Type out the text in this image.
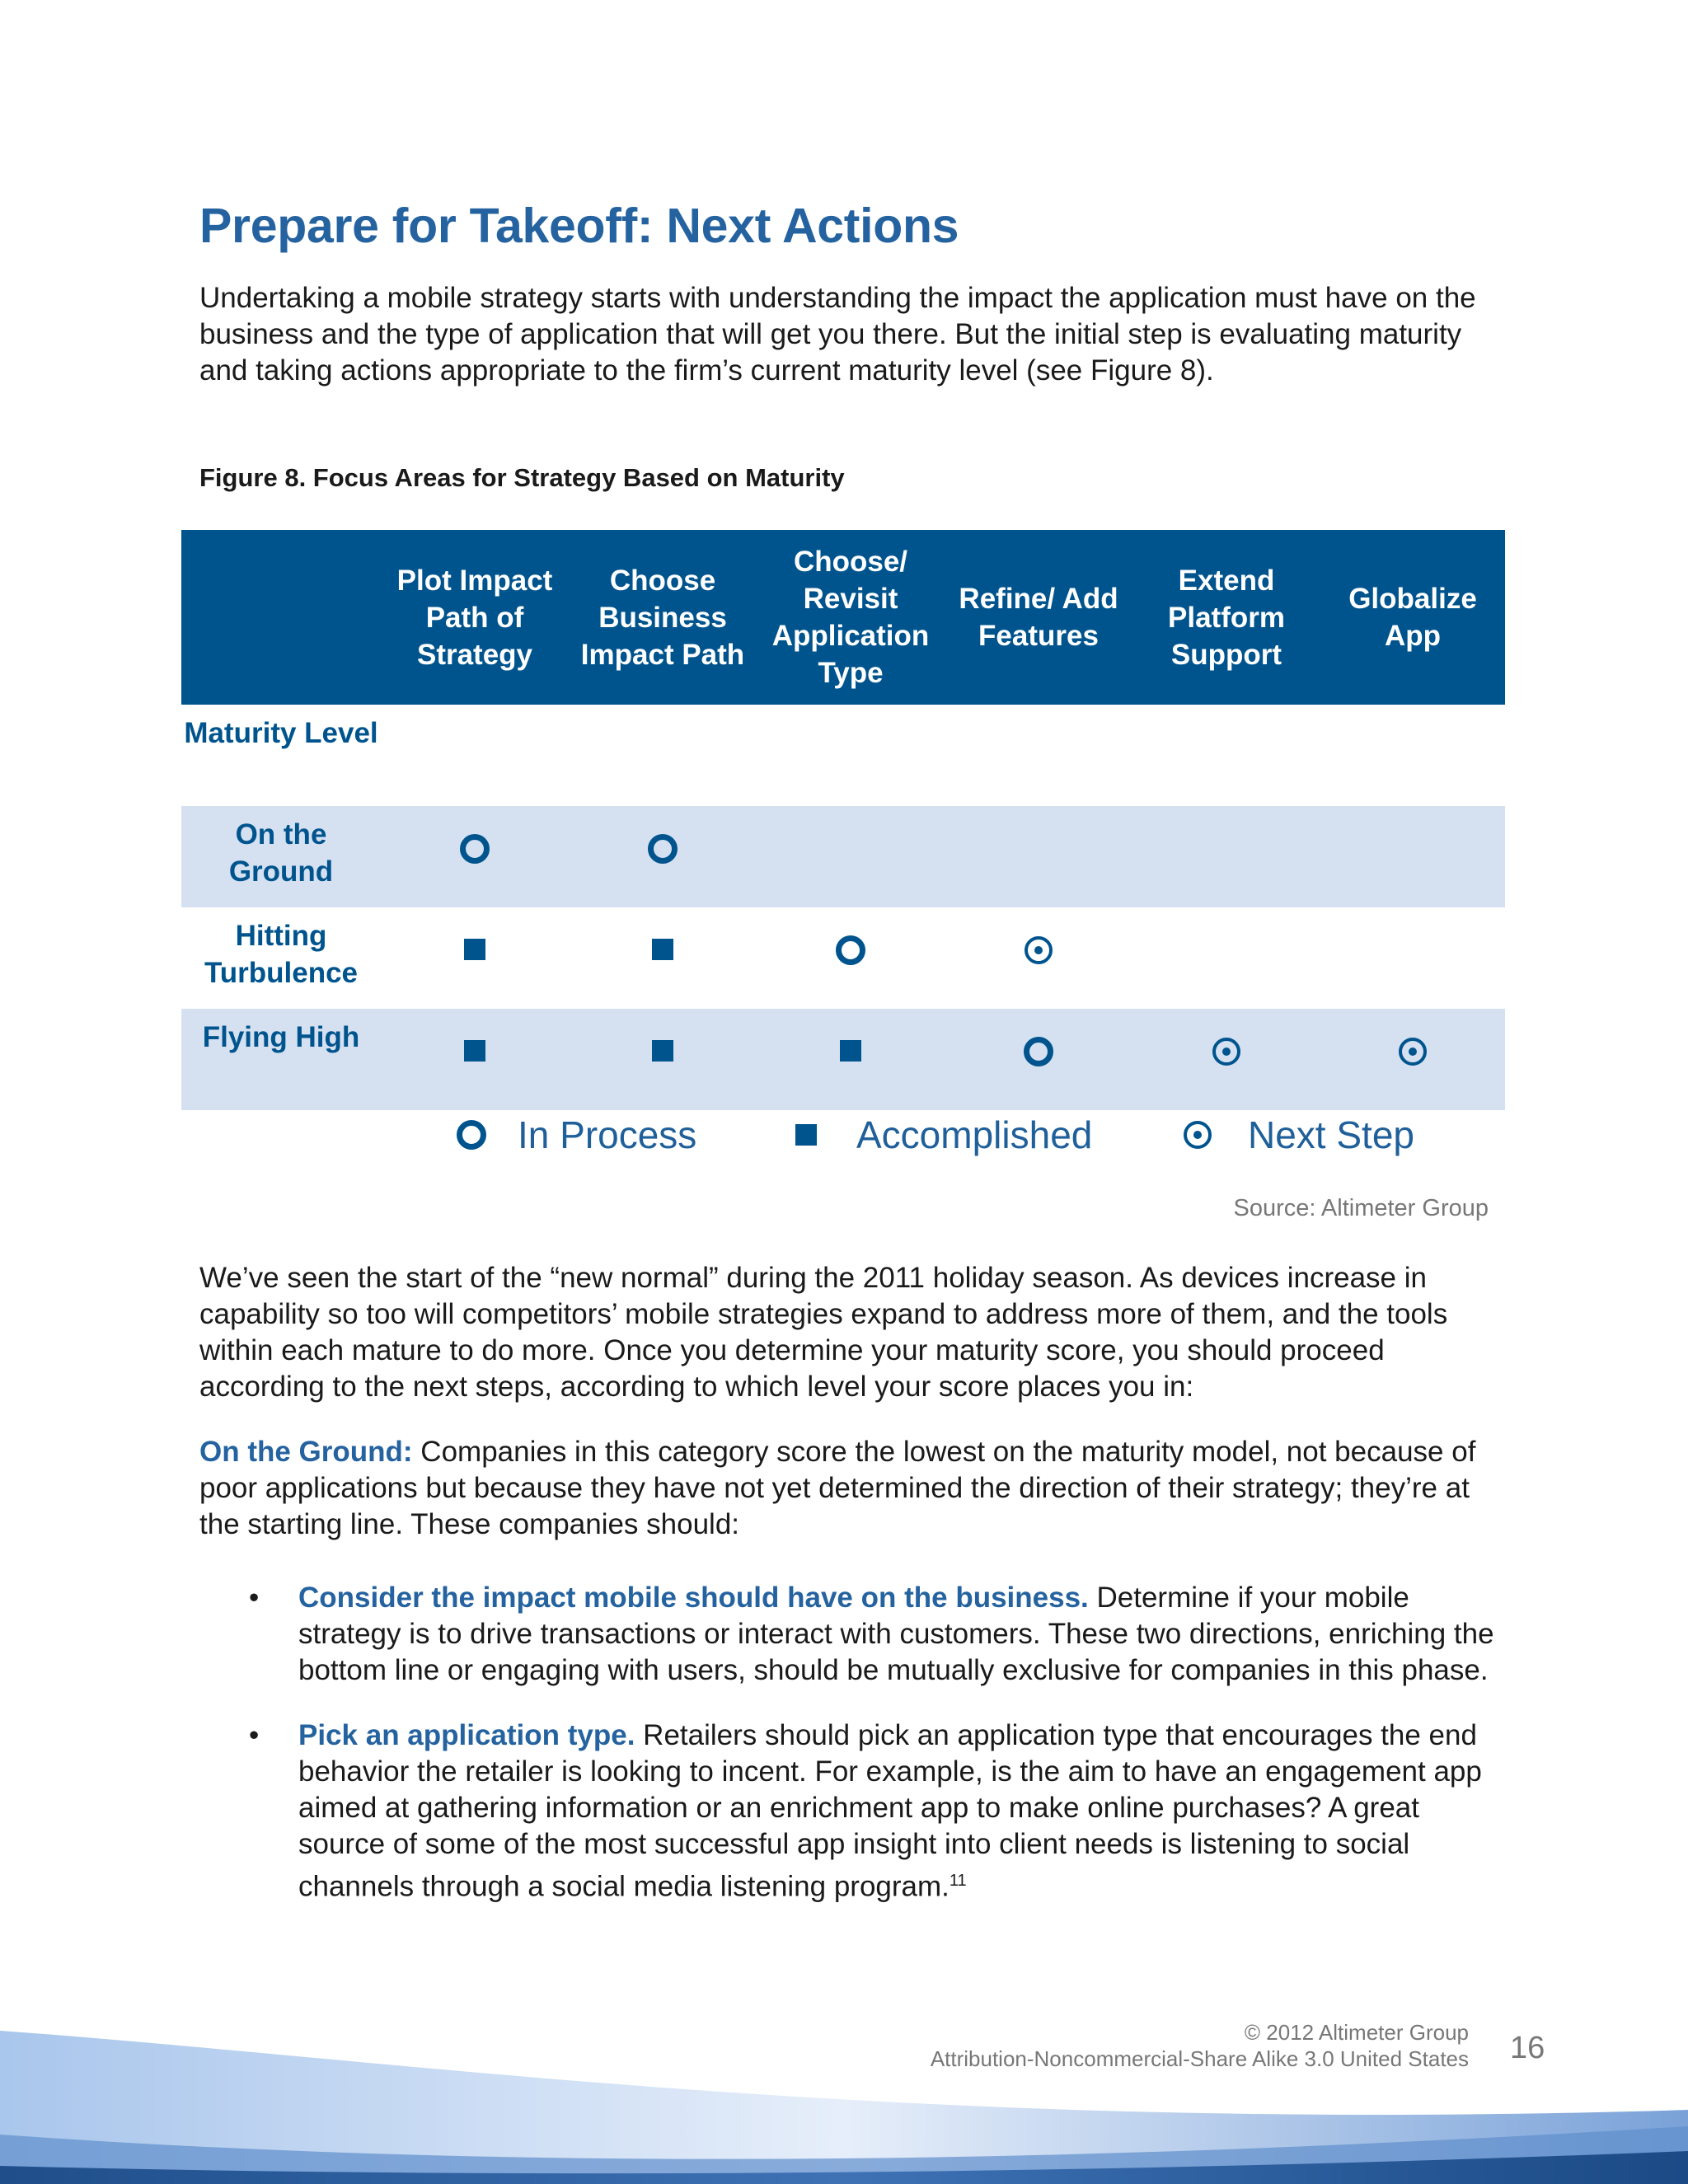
Prepare for Takeoff: Next Actions

Undertaking a mobile strategy starts with understanding the impact the application must have on the business and the type of application that will get you there. But the initial step is evaluating maturity and taking actions appropriate to the firm’s current maturity level (see Figure 8).

Figure 8. Focus Areas for Strategy Based on Maturity

Plot Impact Path of Strategy
Choose Business Impact Path
Choose/ Revisit Application Type
Refine/ Add Features
Extend Platform Support
Globalize App
Maturity Level
On the Ground
Hitting Turbulence
Flying High
In Process	Accomplished	Next Step
Source: Altimeter Group

We’ve seen the start of the “new normal” during the 2011 holiday season. As devices increase in capability so too will competitors’ mobile strategies expand to address more of them, and the tools within each mature to do more. Once you determine your maturity score, you should proceed according to the next steps, according to which level your score places you in:

On the Ground: Companies in this category score the lowest on the maturity model, not because of poor applications but because they have not yet determined the direction of their strategy; they’re at the starting line. These companies should:

• Consider the impact mobile should have on the business. Determine if your mobile strategy is to drive transactions or interact with customers. These two directions, enriching the bottom line or engaging with users, should be mutually exclusive for companies in this phase.
• Pick an application type. Retailers should pick an application type that encourages the end behavior the retailer is looking to incent. For example, is the aim to have an engagement app aimed at gathering information or an enrichment app to make online purchases? A great source of some of the most successful app insight into client needs is listening to social channels through a social media listening program.$^{11}$
© 2012 Altimeter Group
Attribution-Noncommercial-Share Alike 3.0 United States 16
